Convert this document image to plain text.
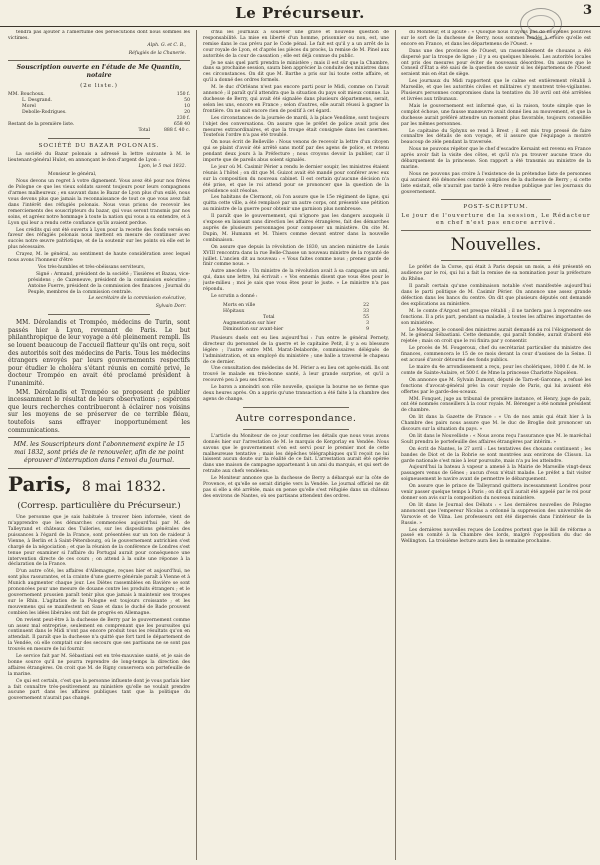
Le Précurseur.	3

tendra pas ajouter à l'amertume des persécutions dont nous sommes les victimes.

Alph. G. et C. B.,
Réfugiés de la Chanerie.
Souscription ouverte en l'étude de Me Quantin, notaire
(2e liste.)
MM. Bouchoux.	150 f.
L. Desgrand.	50
Morel	10
Debolle-Rodrigues.	20
	230 f.
Restant de la première liste.	658 40
Total	888 f. 40 c.
SOCIÉTÉ DU BAZAR POLONAIS.

La société du Bazar polonais a adressé la lettre suivante à M. le lieutenant-général Hulot, en annonçant le don d'argent de Lyon :

Lyon, le 5 mai 1832.

Monsieur le général,

Nous devons un regret à votre dignement. Vous avez été pour nos frères de Pologne ce que les vieux soldats savent toujours pour leurs compagnons d'armes malheureux ; en sauvant dans le Bazar de Lyon plus d'un exilé, nous vous devons plus que jamais la reconnaissance de tout ce que vous avez fait dans l'intérêt des réfugiés polonais. Nous vous prions de recevoir les remerciements des souscripteurs du bazar, qui vous seront transmis par nos soins, et agréez notre hommage à toute la nation qui vous a su entendre, et à Lyon qui leur a rendu cette confiance qu'ils avaient perdue.

Les crédits qui ont été ouverts à Lyon pour la recette des fonds versés en faveur des réfugiés polonais nous mettent en mesure de continuer avec succès notre œuvre patriotique, et de la soutenir sur les points où elle est le plus nécessaire.

Crayez, M. le général, au sentiment de haute considération avec lequel nous avons l'honneur d'être

Vos très-humbles et très-obéissans serviteurs,

Signé : Armand, président de la société ; Tissières et Bazau, vice-présidens ; de Cazeneuve, président de la commission exécutive ; Antoine Fuerre, président de la commission des finances ; Journal du Peuple, membres de la commission centrale.

Le secrétaire de la commission exécutive,
Sylvain Dorr.

MM. Dérolandis et Trompéo, médecins de Turin, sont passés hier à Lyon, revenant de Paris. Le but philanthropique de leur voyage a été pleinement rempli. Ils se louent beaucoup de l'accueil flatteur qu'ils ont reçu, soit des autorités soit des médecins de Paris. Tous les médecins étrangers envoyés par leurs gouvernements respectifs pour étudier le choléra s'étant réunis en comité privé, le docteur Trompéo en avait été proclamé président à l'unanimité.

MM. Dérolandis et Trompéo se proposent de publier incessamment le résultat de leurs observations ; espérons que leurs recherches contribueront à éclairer nos voisins sur les moyens de se préserver de ce terrible fléau, toutefois sans effrayer inopportunément les communications.

MM. les Souscripteurs dont l'abonnement expire le 15 mai 1832, sont priés de le renouveler, afin de ne point éprouver d'interruption dans l'envoi du Journal.
Paris, 8 mai 1832.
(Corresp. particulière du Précurseur.)

Une personne que je sais habituée à trouver bien informée, vient de m'apprendre que les démarches commencées aujourd'hui par M. de Talleyrand et châteaux des Tuileries, sur les dispositions générales des puissances à l'égard de la France, sont présentées sur un ton de raideur à Vienne, à Berlin et à Saint-Pétersbourg, où le gouvernement autrichien s'est chargé de la négociation ; et que la réunion de la conférence de Londres s'est tenue pour examiner si l'affaire du Portugal aurait pour conséquence une intervention directe de ces cours ; on attend à la suite une réponse à la déclaration de la France.

D'un autre côté, les affaires d'Allemagne, reçues hier et aujourd'hui, ne sont plus rassurantes, et la crainte d'une guerre générale paraît à Vienne et à Munich augmenter chaque jour. Les Diètes rassemblées en Bavière se sont prononcées pour une mesure de douane contre les produits étrangers ; et le gouvernement prussien paraît tenir plus que jamais à maintenir ses troupes sur le Rhin. L'agitation de la Pologne est toujours croissante ; et les mouvemens qui se manifestent en Saxe et dans le duché de Bade prouvent combien les idées libérales ont fait de progrès en Allemagne.

On revient peut-être à la duchesse de Berry par le gouvernement comme un assez mal entreprise, seulement en comprenant que les poursuites qui continuent dans le Midi n'ont pas encore produit tous les résultats qu'on en attendait. Il paraît que la duchesse n'a quitté que fort tard le département de la Vendée, où elle comptait sur des secours que ses partisans ne se sont pas trouvés en mesure de lui fournir.

Le service fait par M. Sébastiani est en très-mauvaise santé, et je sais de bonne source qu'il ne pourra reprendre de long-temps la direction des affaires étrangères. On croit que M. de Rigny conservera son portefeuille de la marine.

Ce qui est certain, c'est que la personne influente dont je vous parlais hier a fait connaître très-positivement au ministère qu'elle ne voulait prendre aucune part dans les affaires publiques tant que la politique du gouvernement n'aurait pas changé.

d'hui les journaux à soulever une grave et nouvelle question de responsabilité. La mise en liberté d'un homme, prisonnier ou non, est, une remise dans le cas prévu par le Code pénal. Le fait est qu'il y a un arrêt de la cour royale de Lyon, et d'après les pièces du procès, la remise de M. Pinel aux autorités de la cour de cassation ; elle est déjà connue du public.

Je ne sais quel parti prendra le ministère ; mais il est sûr que la Chambre, dans sa prochaine session, saura bien apprécier la conduite des ministres dans ces circonstances. On dit que M. Barthe a pris sur lui toute cette affaire, et qu'il a donné des ordres formels.

M. le duc d'Orléans n'est pas encore parti pour le Midi, comme on l'avait annoncé ; il paraît qu'il attendra que la situation du pays soit mieux connue. La duchesse de Berry, qui avait été signalée dans plusieurs départemens, serait, selon les uns, encore en France ; selon d'autres, elle aurait réussi à gagner la frontière. On ne sait encore rien de positif à cet égard.

Les circonstances de la journée de mardi, à la place Vendôme, sont toujours l'objet des conversations. On assure que le préfet de police avait pris des mesures extraordinaires, et que la troupe était consignée dans les casernes. Toutefois l'ordre n'a pas été troublé.

On nous écrit de Belleville : Nous venons de recevoir la lettre d'un citoyen qui se plaint d'avoir été arrêté sans motif par des agens de police, et retenu pendant deux jours à la Préfecture ; nous croyons devoir la publier, car il importe que de pareils abus soient signalés.

Le jour où M. Casimir Périer a rendu le dernier soupir, les ministres étaient réunis à l'hôtel ; on dit que M. Guizot avait été mandé pour conférer avec eux sur la composition du nouveau cabinet. Il est certain qu'aucune décision n'a été prise, et que le roi attend pour se prononcer que la question de la présidence soit résolue.

Les habitans de Clermont, où l'on assure que le 15e régiment de ligne, qui quitta cette ville, a été remplacé par un autre corps, ont présenté une pétition au ministre de la guerre pour obtenir une garnison plus nombreuse.

Il paraît que le gouvernement, qui n'ignore pas les dangers auxquels il s'expose en laissant sans direction les affaires étrangères, fait des démarches auprès de plusieurs personnages pour composer un ministère. On cite M. Dupin, M. Humann et M. Thiers comme devant entrer dans la nouvelle combinaison.

On assure que depuis la révolution de 1830, un ancien ministre de Louis XVIII rencontra dans la rue Belle-Chasse un nouveau ministre de la royauté de juillet. L'ancien dit au nouveau : « Vous faites comme nous ; prenez garde de finir comme nous. »

Autre anecdote : Un ministre de la révolution avait à sa campagne un ami, qui, dans une lettre, lui écrivait : « Vos ennemis disent que vous êtes pour le juste-milieu ; moi je sais que vous êtes pour le juste. » Le ministre n'a pas répondu.

Le scrutin a donné :

Morts en ville	22
Hôpitaux	33
Total	55
Augmentation sur hier	3
Diminution sur avant-hier	9

Plusieurs duels ont eu lieu aujourd'hui : l'un entre le général Pernety, directeur du personnel de la guerre et le capitaine Petit, il y a eu blessure légère ; l'autre entre MM. Marat-Delaborde, commissaires délégués de l'administration, et un employé du ministère ; une balle a traversé le chapeau de ce dernier.

Une consultation des médecins de M. Périer a eu lieu cet après-midi. Ils ont trouvé le malade en très-bonne santé, à leur grande surprise, et qu'il a recouvré peu à peu ses forces.

Le baron a amoindri son rôle nouvelle, quoique la bourse ne se ferme que deux heures après. On a appris qu'une transaction a été faite à la chambre des agens de change.

Autre correspondance.

L'article du Moniteur de ce jour confirme les détails que nous vous avons donnés hier sur l'arrestation de M. le marquis de Kergorlay en Vendée. Nous savons que le gouvernement s'en est servi pour le premier mot de cette malheureuse tentative ; mais les dépêches télégraphiques qu'il reçoit ne lui laissent aucun doute sur la réalité de ce fait. L'arrestation aurait été opérée dans une maison de campagne appartenant à un ami du marquis, et qui sert de retraite aux chefs vendéens.

Le Moniteur annonce que la duchesse de Berry a débarqué sur la côte de Provence, et qu'elle se serait dirigée vers la Vendée. Le journal officiel ne dit pas si elle a été arrêtée, mais on pense qu'elle s'est réfugiée dans un château des environs de Nantes, où ses partisans attendent des ordres.

du Moniteur, et il ajoute : « Quoique nous n'ayons pas de nouvelles positives sur le sort de la duchesse de Berry, nous sommes fondés à croire qu'elle est encore en France, et dans les départemens de l'Ouest. »

Dans une des provinces de l'Ouest, un rassemblement de chouans a été dispersé par la troupe de ligne ; il y a eu quelques blessés. Les autorités locales ont pris des mesures pour éviter de nouveaux désordres. On assure que le Conseil d'État a été saisi de la question de savoir si les départemens de l'Ouest seraient mis en état de siège.

Les journaux du Midi rapportent que le calme est entièrement rétabli à Marseille, et que les autorités civiles et militaires s'y montrent très-vigilantes. Plusieurs personnes compromises dans la tentative du 30 avril ont été arrêtées et livrées aux tribunaux.

Mais le gouvernement est informé que, si la raison, toute simple que le complot échoue, une fausse manœuvre avait donné lieu au mouvement, et que la duchesse aurait préféré attendre un moment plus favorable, toujours conseillée par les mêmes personnes.

Le capitaine du Sphynx se rend à Brest ; il est mis trop pressé de faire connaître les détails de son voyage, et il assure que l'équipage a montré beaucoup de zèle pendant la traversée.

Nous ne pouvons répéter que le chef d'escadre Kersaint est revenu en France après avoir fait la visite des côtes, et qu'il n'a pu trouver aucune trace du débarquement de la princesse. Son rapport a été transmis au ministre de la marine.

Nous ne pouvons pas croire à l'existence de la prétendue liste de personnes qui auraient été dénoncées comme complices de la duchesse de Berry ; si cette liste existait, elle n'aurait pas tardé à être rendue publique par les journaux du gouvernement.

POST-SCRIPTUM.
Le jour de l'ouverture de la session, Le Rédacteur en chef n'est pas encore arrivé.
Nouvelles.

Le préfet de la Corse, qui était à Paris depuis un mois, a été présenté en audience par le roi, qui lui a fait la remise de sa nomination pour la préfecture du Rhône.

Il paraît certain qu'une combinaison notable s'est manifestée aujourd'hui dans le parti politique de M. Casimir Périer. On annonce une assez grande défection dans les bancs du centre. On dit que plusieurs députés ont demandé des explications au ministère.

M. le comte d'Argout est presque rétabli ; il ne tardera pas à reprendre ses fonctions. Il a pris part, pendant sa maladie, à toutes les affaires importantes de son ministère.

Le Messager, le conseil des ministres aurait demandé au roi l'éloignement de M. le général Sébastiani. Cette demande, qui paraît fondée, aurait d'abord été rejetée ; mais on croit que le roi finira par y consentir.

Le procès de M. Fougeroux, chef du secrétariat particulier du ministre des finances, commencera le 15 de ce mois devant la cour d'assises de la Seine. Il est accusé d'avoir détourné des fonds publics.

Le maire du 4e arrondissement a reçu, pour les cholériques, 1000 f. de M. le comte de Sainte-Aulaire, et 500 f. de Mme la princesse Charlotte Napoléon.

On annonce que M. Sylvain Dumont, député de Tarn-et-Garonne, a refusé les fonctions d'avocat-général près la cour royale de Paris, qui lui avaient été offertes par le garde-des-sceaux.

MM. Fonquet, juge au tribunal de première instance, et Henry, juge de paix, ont été nommés conseillers à la cour royale. M. Bérenger a été nommé président de chambre.

On lit dans la Gazette de France : « Un de nos amis qui était hier à la Chambre des pairs nous assure que M. le duc de Broglie doit prononcer un discours sur la situation du pays. »

On lit dans le Nouvelliste : « Nous avons reçu l'assurance que M. le maréchal Soult prendra le portefeuille des affaires étrangères par intérim. »

On écrit de Nantes, le 27 avril : Les tentatives des chouans continuent ; les bandes de Diot et de la Robrie se sont montrées aux environs de Clisson. La garde nationale s'est mise à leur poursuite, mais n'a pu les atteindre.

Aujourd'hui la bateau à vapeur a amené à la Mairie de Marseille vingt-deux passagers venus de Gênes ; aucun d'eux n'était malade. Le préfet a fait visiter soigneusement le navire avant de permettre le débarquement.

On assure que le prince de Talleyrand quittera incessamment Londres pour venir passer quelque temps à Paris ; on dit qu'il aurait été appelé par le roi pour donner son avis sur la composition du nouveau ministère.

On lit dans le Journal des Débats : « Les dernières nouvelles de Pologne annoncent que l'empereur Nicolas a ordonné la suppression des universités de Varsovie et de Vilna. Les professeurs ont été dispersés dans l'intérieur de la Russie. »

Les dernières nouvelles reçues de Londres portent que le bill de réforme a passé en comité à la Chambre des lords, malgré l'opposition du duc de Wellington. La troisième lecture aura lieu la semaine prochaine.
